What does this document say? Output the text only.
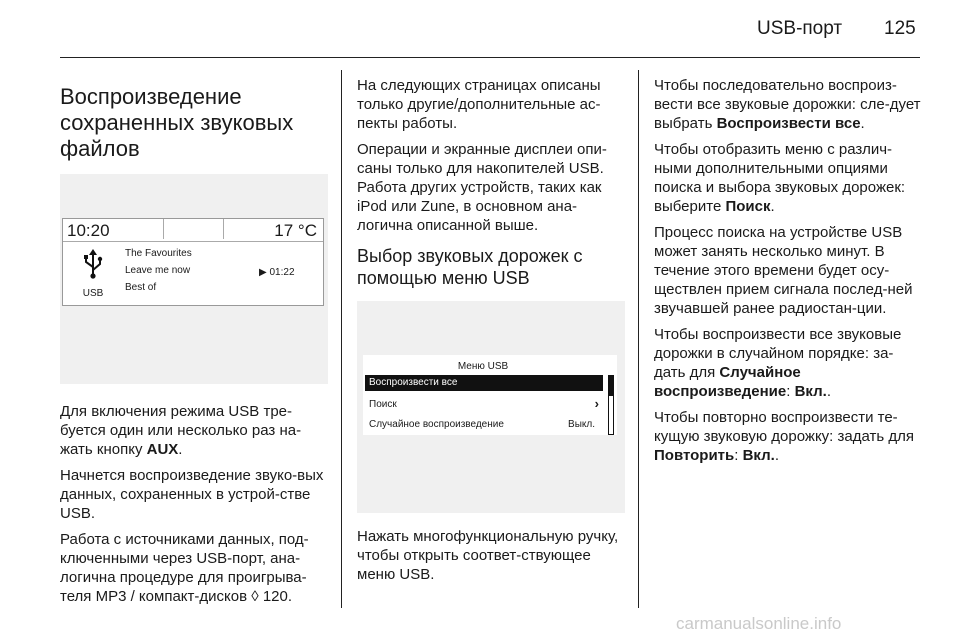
USB-порт 125
Воспроизведение сохраненных звуковых файлов
10:20	17 °C
USB
The Favourites
Leave me now
Best of
▶ 01:22

Для включения режима USB тре-буется один или несколько раз на-жать кнопку AUX.

Начнется воспроизведение звуко-вых данных, сохраненных в устрой-стве USB.

Работа с источниками данных, под-ключенными через USB-порт, ана-логична процедуре для проигрыва-теля MP3 / компакт-дисков ◊ 120.

На следующих страницах описаны только другие/дополнительные ас-пекты работы.

Операции и экранные дисплеи опи-саны только для накопителей USB. Работа других устройств, таких как iPod или Zune, в основном ана-логична описанной выше.

Выбор звуковых дорожек с помощью меню USB
Меню USB
Воспроизвести все
Поиск	›
Случайное воспроизведение	Выкл.

Нажать многофункциональную ручку, чтобы открыть соответ-ствующее меню USB.

Чтобы последовательно воспроиз-вести все звуковые дорожки: сле-дует выбрать Воспроизвести все.

Чтобы отобразить меню с различ-ными дополнительными опциями поиска и выбора звуковых дорожек: выберите Поиск.

Процесс поиска на устройстве USB может занять несколько минут. В течение этого времени будет осу-ществлен прием сигнала послед-ней звучавшей ранее радиостан-ции.

Чтобы воспроизвести все звуковые дорожки в случайном порядке: за-дать для Случайное воспроизведение: Вкл..

Чтобы повторно воспроизвести те-кущую звуковую дорожку: задать для Повторить: Вкл..

carmanualsonline.info
